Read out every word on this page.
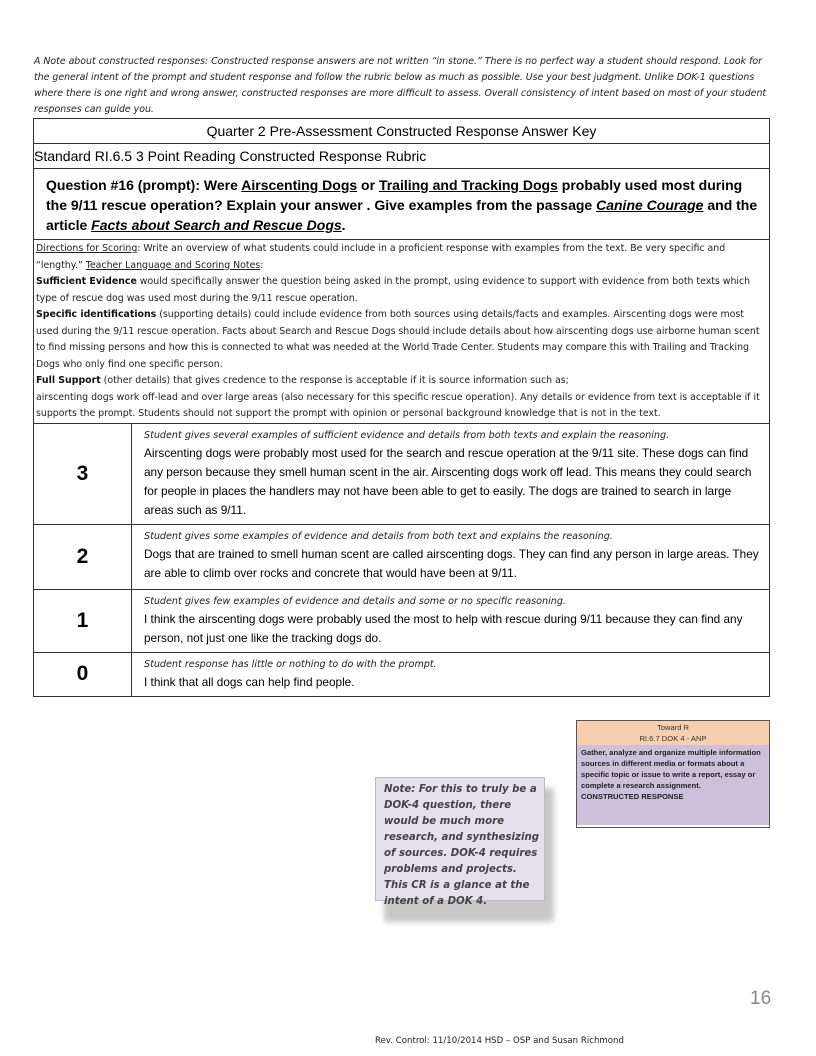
A Note about constructed responses: Constructed response answers are not written “in stone.” There is no perfect way a student should respond. Look for the general intent of the prompt and student response and follow the rubric below as much as possible. Use your best judgment. Unlike DOK-1 questions where there is one right and wrong answer, constructed responses are more difficult to assess. Overall consistency of intent based on most of your student responses can guide you.
Quarter 2 Pre-Assessment Constructed Response Answer Key	
Standard RI.6.5 3 Point Reading Constructed Response Rubric	
Question #16 (prompt): Were Airscenting Dogs or Trailing and Tracking Dogs probably used most during the 9/11 rescue operation? Explain your answer . Give examples from the passage Canine Courage and the article Facts about Search and Rescue Dogs.	
Directions for Scoring: Write an overview of what students could include in a proficient response with examples from the text. Be very specific and “lengthy.” Teacher Language and Scoring Notes:
Sufficient Evidence would specifically answer the question being asked in the prompt, using evidence to support with evidence from both texts which type of rescue dog was used most during the 9/11 rescue operation.
Specific identifications (supporting details) could include evidence from both sources using details/facts and examples. Airscenting dogs were most used during the 9/11 rescue operation. Facts about Search and Rescue Dogs should include details about how airscenting dogs use airborne human scent to find missing persons and how this is connected to what was needed at the World Trade Center. Students may compare this with Trailing and Tracking Dogs who only find one specific person.
Full Support (other details) that gives credence to the response is acceptable if it is source information such as;
airscenting dogs work off-lead and over large areas (also necessary for this specific rescue operation). Any details or evidence from text is acceptable if it supports the prompt. Students should not support the prompt with opinion or personal background knowledge that is not in the text.	
3	Student gives several examples of sufficient evidence and details from both texts and explain the reasoning.
Airscenting dogs were probably most used for the search and rescue operation at the 9/11 site. These dogs can find any person because they smell human scent in the air. Airscenting dogs work off lead. This means they could search for people in places the handlers may not have been able to get to easily. The dogs are trained to search in large areas such as 9/11.

2	Student gives some examples of evidence and details from both text and explains the reasoning.
Dogs that are trained to smell human scent are called airscenting dogs. They can find any person in large areas. They are able to climb over rocks and concrete that would have been at 9/11.

1	Student gives few examples of evidence and details and some or no specific reasoning.
I think the airscenting dogs were probably used the most to help with rescue during 9/11 because they can find any person, not just one like the tracking dogs do.

0	Student response has little or nothing to do with the prompt.
I think that all dogs can help find people.
Toward R
RI.6.7 DOK 4 - ANP
Gather, analyze and organize multiple information sources in different media or formats about a specific topic or issue to write a report, essay or complete a research assignment.
CONSTRUCTED RESPONSE
Note: For this to truly be a DOK-4 question, there would be much more research, and synthesizing of sources. DOK-4 requires problems and projects. This CR is a glance at the intent of a DOK 4.
16
Rev. Control: 11/10/2014 HSD – OSP and Susan Richmond
